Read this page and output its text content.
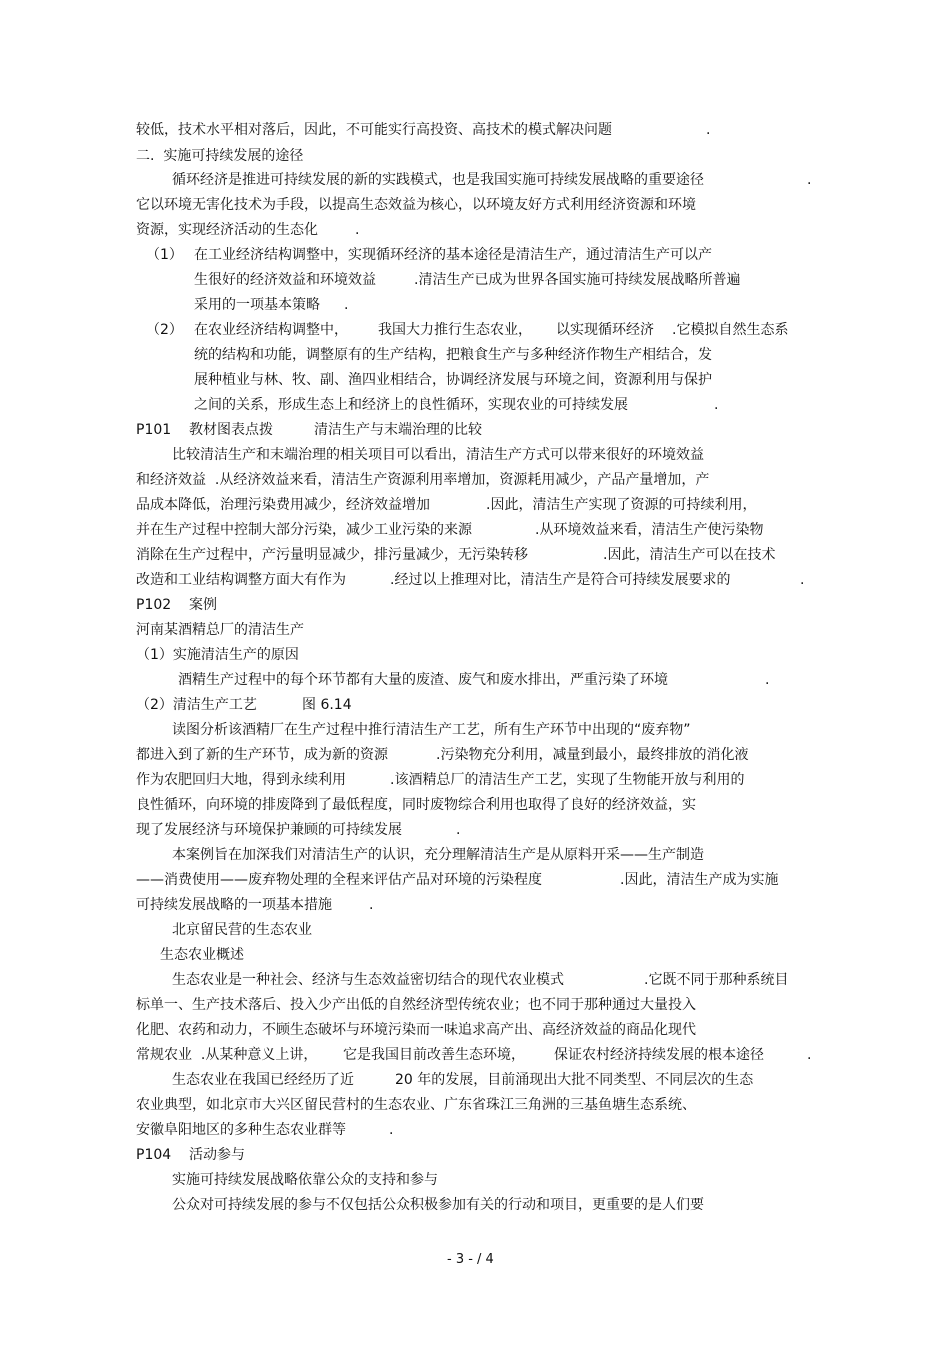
较低，技术水平相对落后，因此，不可能实行高投资、高技术的模式解决问题	.
二.  实施可持续发展的途径
循环经济是推进可持续发展的新的实践模式，也是我国实施可持续发展战略的重要途径	.
它以环境无害化技术为手段，以提高生态效益为核心，以环境友好方式利用经济资源和环境
资源，实现经济活动的生态化	.
（1） 在工业经济结构调整中，实现循环经济的基本途径是清洁生产，通过清洁生产可以产
生很好的经济效益和环境效益	.清洁生产已成为世界各国实施可持续发展战略所普遍
采用的一项基本策略 .
（2） 在农业经济结构调整中， 我国大力推行生态农业， 以实现循环经济 .它模拟自然生态系
统的结构和功能，调整原有的生产结构，把粮食生产与多种经济作物生产相结合，发
展种植业与林、牧、副、渔四业相结合，协调经济发展与环境之间，资源利用与保护
之间的关系，形成生态上和经济上的良性循环，实现农业的可持续发展	.
P101    教材图表点拨	清洁生产与末端治理的比较
比较清洁生产和末端治理的相关项目可以看出，清洁生产方式可以带来很好的环境效益
和经济效益  .从经济效益来看，清洁生产资源利用率增加，资源耗用减少，产品产量增加，产
品成本降低，治理污染费用减少，经济效益增加	.因此，清洁生产实现了资源的可持续利用，
并在生产过程中控制大部分污染，减少工业污染的来源	.从环境效益来看，清洁生产使污染物
消除在生产过程中，产污量明显减少，排污量减少，无污染转移	.因此，清洁生产可以在技术
改造和工业结构调整方面大有作为	.经过以上推理对比，清洁生产是符合可持续发展要求的	.
P102    案例
河南某酒精总厂的清洁生产
（1）实施清洁生产的原因
酒精生产过程中的每个环节都有大量的废渣、废气和废水排出，严重污染了环境	.
（2）清洁生产工艺	图 6.14
读图分析该酒精厂在生产过程中推行清洁生产工艺，所有生产环节中出现的“废弃物”
都进入到了新的生产环节，成为新的资源	.污染物充分利用，减量到最小，最终排放的消化液
作为农肥回归大地，得到永续利用	.该酒精总厂的清洁生产工艺，实现了生物能开放与利用的
良性循环，向环境的排废降到了最低程度，同时废物综合利用也取得了良好的经济效益，实
现了发展经济与环境保护兼顾的可持续发展	.
本案例旨在加深我们对清洁生产的认识，充分理解清洁生产是从原料开采——生产制造
——消费使用——废弃物处理的全程来评估产品对环境的污染程度	.因此，清洁生产成为实施
可持续发展战略的一项基本措施	.
北京留民营的生态农业
生态农业概述
生态农业是一种社会、经济与生态效益密切结合的现代农业模式	.它既不同于那种系统目
标单一、生产技术落后、投入少产出低的自然经济型传统农业；也不同于那种通过大量投入
化肥、农药和动力，不顾生态破坏与环境污染而一味追求高产出、高经济效益的商品化现代
常规农业  .从某种意义上讲， 它是我国目前改善生态环境， 保证农村经济持续发展的根本途径	.
生态农业在我国已经经历了近	20 年的发展，目前涌现出大批不同类型、不同层次的生态
农业典型，如北京市大兴区留民营村的生态农业、广东省珠江三角洲的三基鱼塘生态系统、
安徽阜阳地区的多种生态农业群等	.
P104    活动参与
实施可持续发展战略依靠公众的支持和参与
公众对可持续发展的参与不仅包括公众积极参加有关的行动和项目，更重要的是人们要

- 3 - / 4
